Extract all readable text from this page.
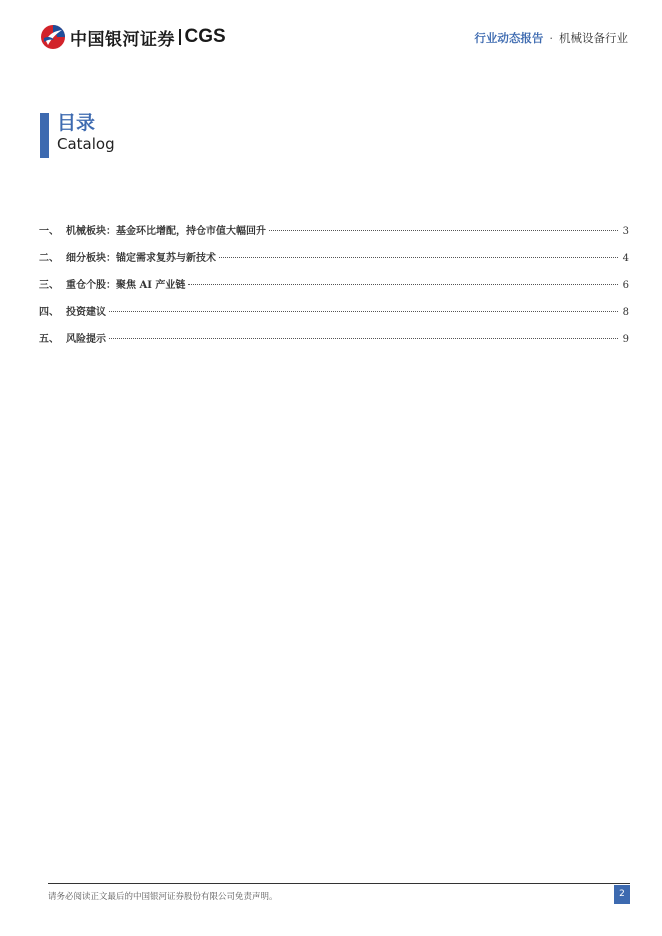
中国银河证券 CGS	行业动态报告 · 机械设备行业
目录
Catalog
一、 机械板块：基金环比增配，持仓市值大幅回升	3
二、 细分板块：锚定需求复苏与新技术	4
三、 重仓个股：聚焦 AI 产业链	6
四、 投资建议	8
五、 风险提示	9
请务必阅读正文最后的中国银河证券股份有限公司免责声明。	2
